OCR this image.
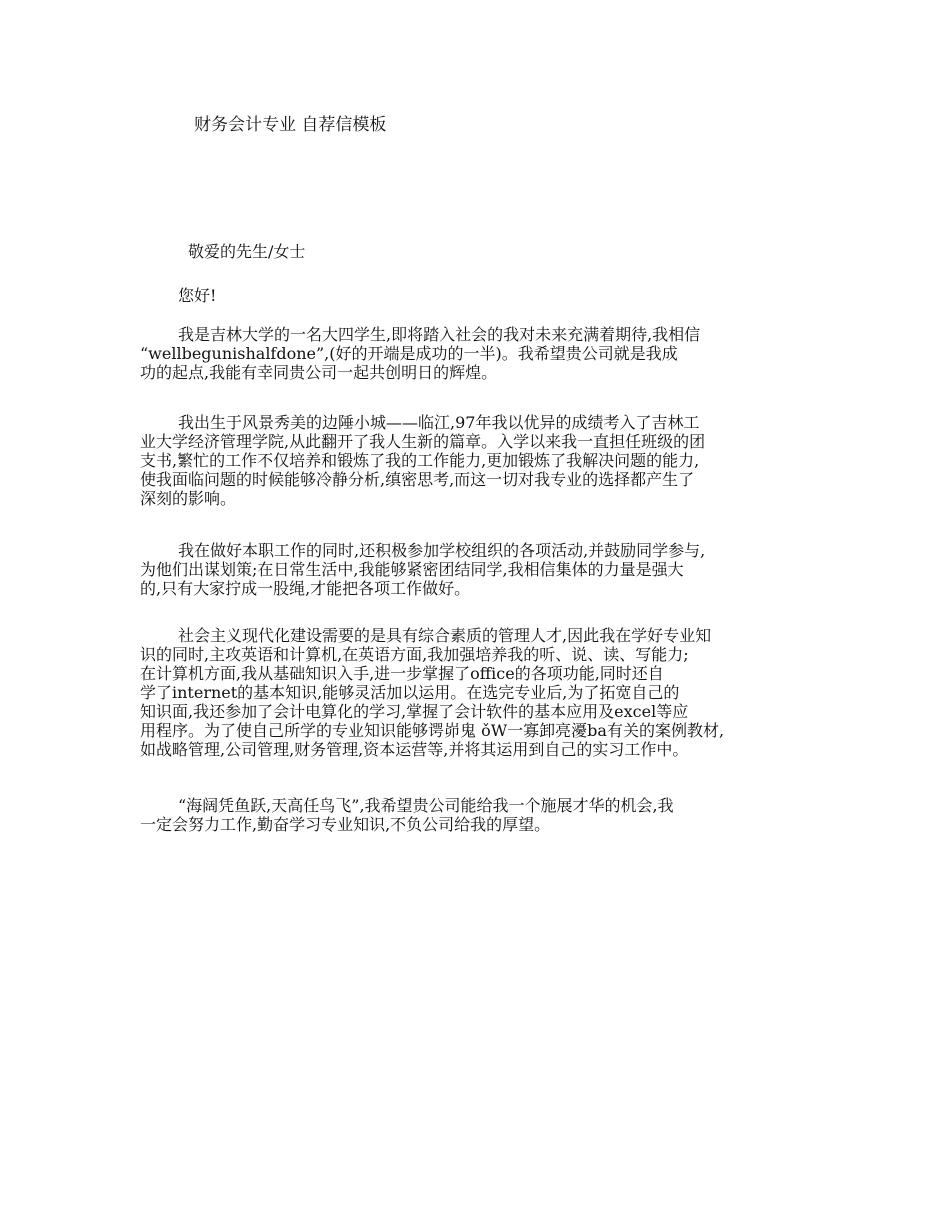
财务会计专业 自荐信模板
敬爱的先生/女士
您好!
我是吉林大学的一名大四学生,即将踏入社会的我对未来充满着期待,我相信
“wellbegunishalfdone”,(好的开端是成功的一半)。我希望贵公司就是我成
功的起点,我能有幸同贵公司一起共创明日的辉煌。
我出生于风景秀美的边陲小城——临江,97年我以优异的成绩考入了吉林工
业大学经济管理学院,从此翻开了我人生新的篇章。入学以来我一直担任班级的团
支书,繁忙的工作不仅培养和锻炼了我的工作能力,更加锻炼了我解决问题的能力,
使我面临问题的时候能够冷静分析,缜密思考,而这一切对我专业的选择都产生了
深刻的影响。
我在做好本职工作的同时,还积极参加学校组织的各项活动,并鼓励同学参与,
为他们出谋划策;在日常生活中,我能够紧密团结同学,我相信集体的力量是强大
的,只有大家拧成一股绳,才能把各项工作做好。
社会主义现代化建设需要的是具有综合素质的管理人才,因此我在学好专业知
识的同时,主攻英语和计算机,在英语方面,我加强培养我的听、说、读、写能力;
在计算机方面,我从基础知识入手,进一步掌握了office的各项功能,同时还自
学了internet的基本知识,能够灵活加以运用。在选完专业后,为了拓宽自己的
知识面,我还参加了会计电算化的学习,掌握了会计软件的基本应用及excel等应
用程序。为了使自己所学的专业知识能够谔峁鬼 ǒW一寡卸亮瀀ba有关的案例教材,
如战略管理,公司管理,财务管理,资本运营等,并将其运用到自己的实习工作中。
“海阔凭鱼跃,天高任鸟飞”,我希望贵公司能给我一个施展才华的机会,我
一定会努力工作,勤奋学习专业知识,不负公司给我的厚望。
